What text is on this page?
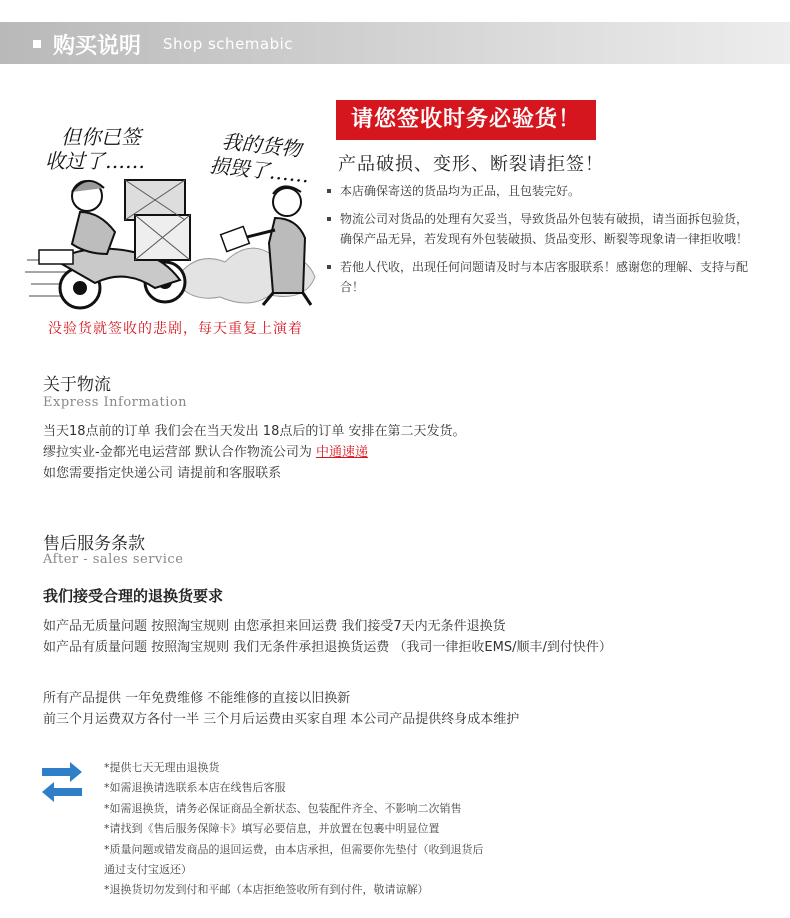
购买说明 Shop schemabic
但你已签
收过了……	我的货物
损毁了……
没验货就签收的悲剧，每天重复上演着
请您签收时务必验货！
产品破损、变形、断裂请拒签！
本店确保寄送的货品均为正品，且包装完好。
物流公司对货品的处理有欠妥当，导致货品外包装有破损，请当面拆包验货，确保产品无异，若发现有外包装破损、货品变形、断裂等现象请一律拒收哦！
若他人代收，出现任何问题请及时与本店客服联系！感谢您的理解、支持与配合！
关于物流
Express Information
当天18点前的订单 我们会在当天发出 18点后的订单 安排在第二天发货。
缪拉实业-金都光电运营部 默认合作物流公司为 中通速递
如您需要指定快递公司 请提前和客服联系
售后服务条款
After - sales service
我们接受合理的退换货要求
如产品无质量问题 按照淘宝规则 由您承担来回运费 我们接受7天内无条件退换货
如产品有质量问题 按照淘宝规则 我们无条件承担退换货运费 （我司一律拒收EMS/顺丰/到付快件）
所有产品提供 一年免费维修 不能维修的直接以旧换新
前三个月运费双方各付一半 三个月后运费由买家自理 本公司产品提供终身成本维护
*提供七天无理由退换货
*如需退换请选联系本店在线售后客服
*如需退换货，请务必保证商品全新状态、包装配件齐全、不影响二次销售
*请找到《售后服务保障卡》填写必要信息，并放置在包裹中明显位置
*质量问题或错发商品的退回运费，由本店承担，但需要你先垫付（收到退货后
通过支付宝返还）
*退换货切勿发到付和平邮（本店拒绝签收所有到付件，敬请谅解）
